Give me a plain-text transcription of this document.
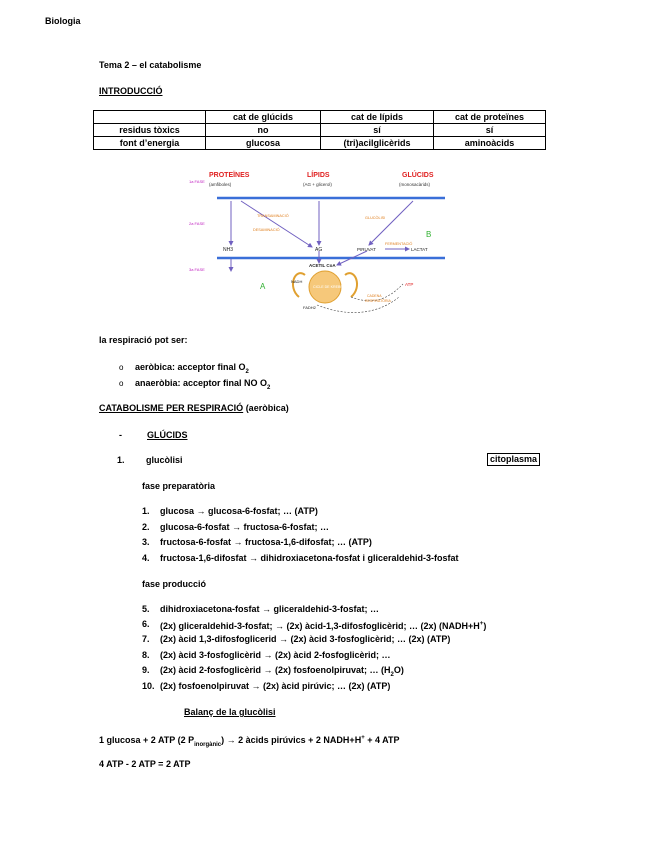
Biologia
Tema 2 – el catabolisme
INTRODUCCIÓ
	cat de glúcids	cat de lípids	cat de proteïnes
residus tòxics	no	sí	sí
font d’energia	glucosa	(tri)acilglicèrids	aminoàcids
PROTEÏNES	LÍPIDS	GLÚCIDS
(amfiboles)	(AG + glicerol)	(monosacàrids)
1a FASE
2a FASE
3a FASE
TRANSAMINACIÓ
DESAMINACIÓ
GLUCÒLISI
FERMENTACIÓ
NH3	AG	PIRUVAT	LACTAT
ACETIL CoA
CICLE DE KREBS
NADH
FADH2
ATP
CADENA
RESPIRATÒRIA
A
B
la respiració pot ser:
o aeròbica: acceptor final $O_2$
o anaeròbia: acceptor final NO $O_2$
CATABOLISME PER RESPIRACIÓ (aeròbica)
-	GLÚCIDS
1. glucòlisi	citoplasma
fase preparatòria
1. glucosa → glucosa-6-fosfat; … (ATP)
2. glucosa-6-fosfat → fructosa-6-fosfat; …
3. fructosa-6-fosfat → fructosa-1,6-difosfat; … (ATP)
4. fructosa-1,6-difosfat → dihidroxiacetona-fosfat i gliceraldehid-3-fosfat
fase producció
5. dihidroxiacetona-fosfat → gliceraldehid-3-fosfat; …
6. (2x) gliceraldehid-3-fosfat; → (2x) àcid-1,3-difosfoglicèrid; … (2x) (NADH+H+)
7. (2x) àcid 1,3-difosfoglicerid → (2x) àcid 3-fosfoglicèrid; … (2x) (ATP)
8. (2x) àcid 3-fosfoglicèrid → (2x) àcid 2-fosfoglicèrid; …
9. (2x) àcid 2-fosfoglicèrid → (2x) fosfoenolpiruvat; … $(H_2O)$
10. (2x) fosfoenolpiruvat → (2x) àcid pirúvic; … (2x) (ATP)
Balanç de la glucòlisi
1 glucosa + 2 ATP (2 $P_{inorgànic}) \to 2$ àcids pirúvics + 2 NADH+H+ + 4 ATP
4 ATP - 2 ATP = 2 ATP
